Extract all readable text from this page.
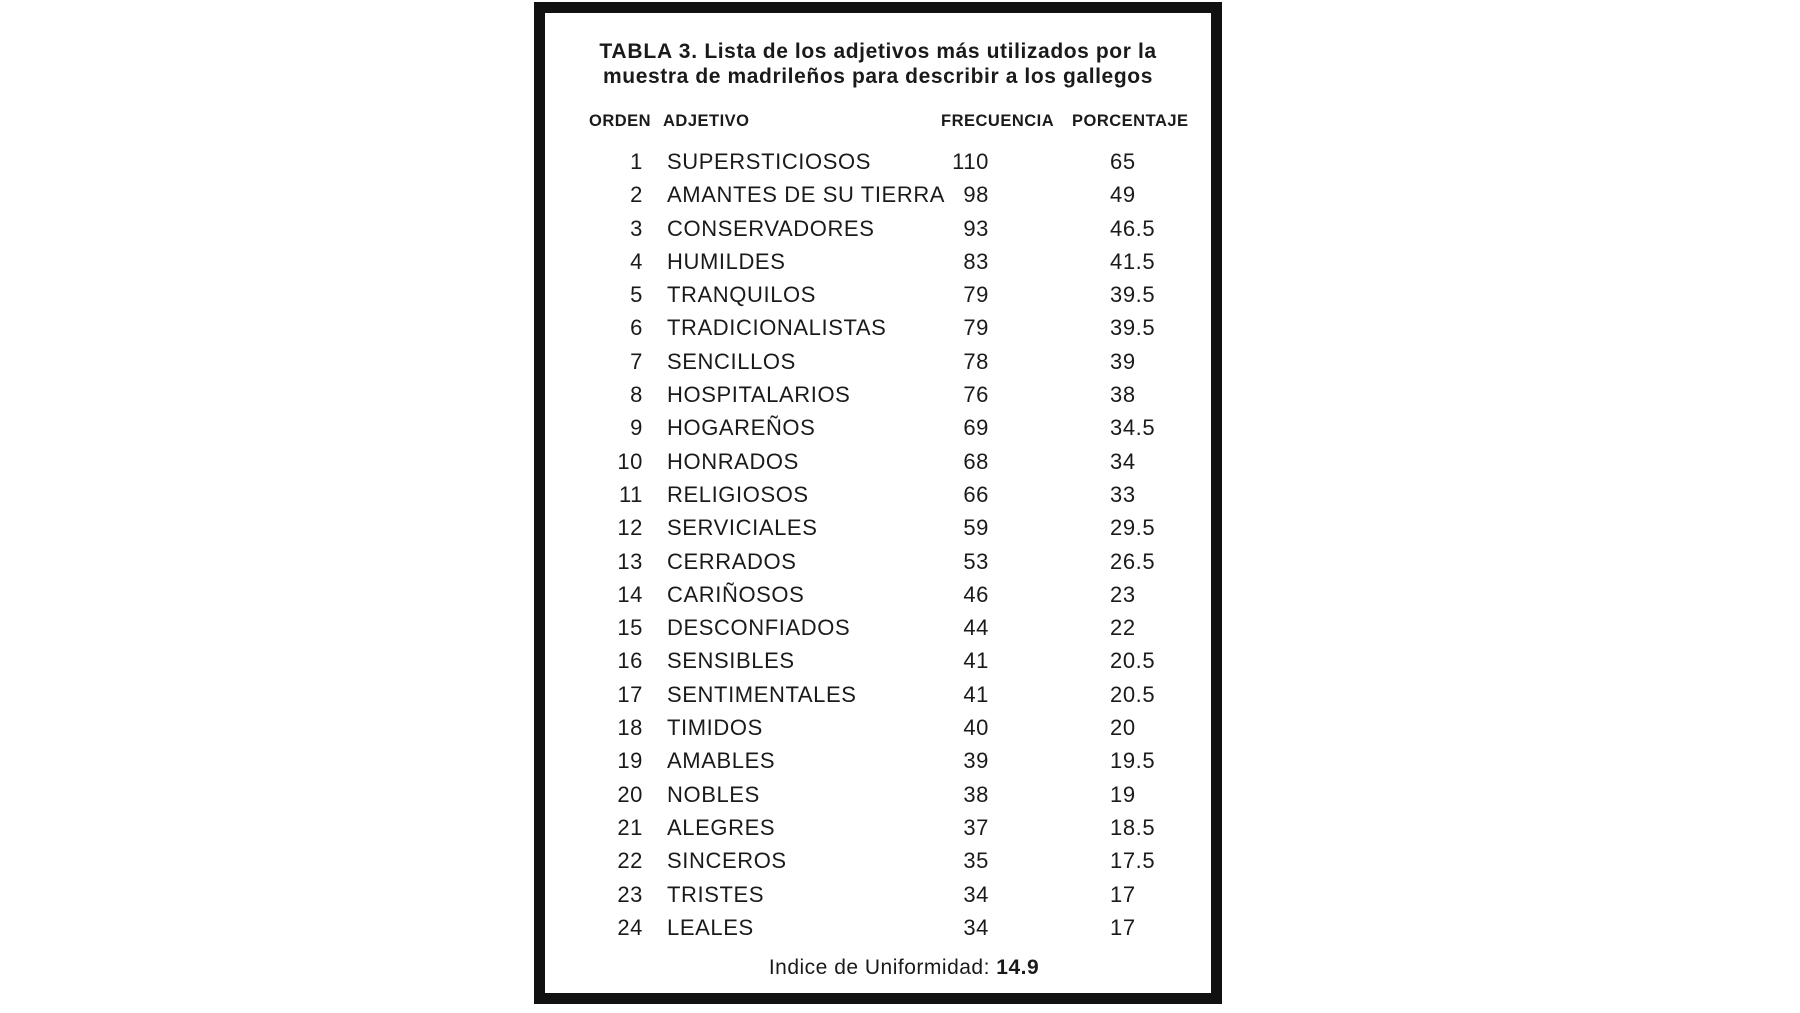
TABLA 3. Lista de los adjetivos más utilizados por la
muestra de madrileños para describir a los gallegos
ORDEN ADJETIVO	FRECUENCIA PORCENTAJE
1 SUPERSTICIOSOS	110	65
2 AMANTES DE SU TIERRA 98	49
3 CONSERVADORES	93	46.5
4 HUMILDES	83	41.5
5 TRANQUILOS	79	39.5
6 TRADICIONALISTAS	79	39.5
7 SENCILLOS	78	39
8 HOSPITALARIOS	76	38
9 HOGAREÑOS	69	34.5
10 HONRADOS	68	34
11 RELIGIOSOS	66	33
12 SERVICIALES	59	29.5
13 CERRADOS	53	26.5
14 CARIÑOSOS	46	23
15 DESCONFIADOS	44	22
16 SENSIBLES	41	20.5
17 SENTIMENTALES	41	20.5
18 TIMIDOS	40	20
19 AMABLES	39	19.5
20 NOBLES	38	19
21 ALEGRES	37	18.5
22 SINCEROS	35	17.5
23 TRISTES	34	17
24 LEALES	34	17
Indice de Uniformidad: 14.9
